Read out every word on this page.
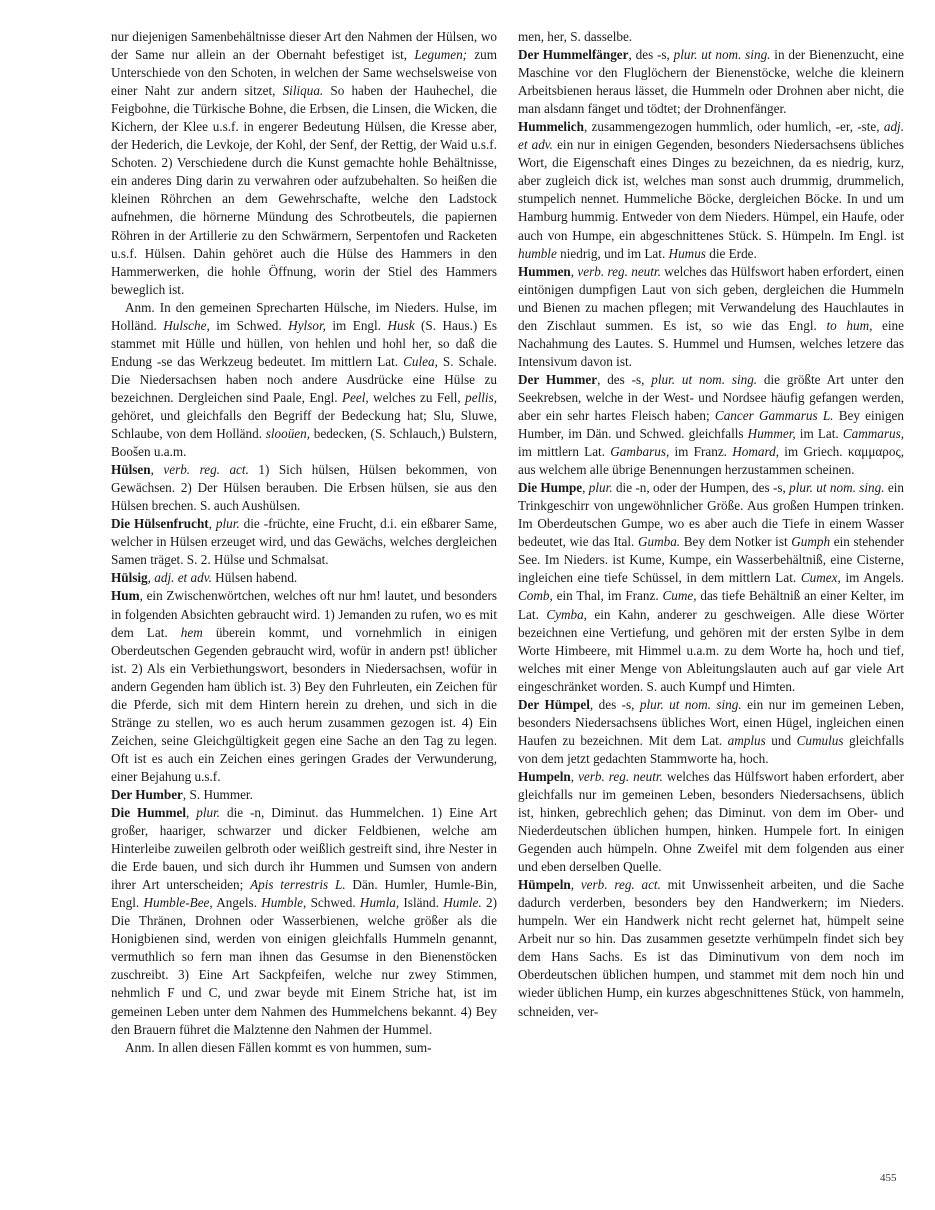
nur diejenigen Samenbehältnisse dieser Art den Nahmen der Hülsen, wo der Same nur allein an der Obernaht befestiget ist, Legumen; zum Unterschiede von den Schoten, in welchen der Same wechselsweise von einer Naht zur andern sitzet, Siliqua. So haben der Hauhechel, die Feigbohne, die Türkische Bohne, die Erbsen, die Linsen, die Wicken, die Kichern, der Klee u.s.f. in engerer Bedeutung Hülsen, die Kresse aber, der Hederich, die Levkoje, der Kohl, der Senf, der Rettig, der Waid u.s.f. Schoten. 2) Verschiedene durch die Kunst gemachte hohle Behältnisse, ein anderes Ding darin zu verwahren oder aufzubehalten. So heißen die kleinen Röhrchen an dem Gewehrschafte, welche den Ladstock aufnehmen, die hörnerne Mündung des Schrotbeutels, die papiernen Röhren in der Artillerie zu den Schwärmern, Serpentofen und Racketen u.s.f. Hülsen. Dahin gehöret auch die Hülse des Hammers in den Hammerwerken, die hohle Öffnung, worin der Stiel des Hammers beweglich ist.

Anm. In den gemeinen Sprecharten Hülsche, im Nieders. Hulse, im Holländ. Hulsche, im Schwed. Hylsor, im Engl. Husk (S. Haus.) Es stammet mit Hülle und hüllen, von hehlen und hohl her, so daß die Endung -se das Werkzeug bedeutet. Im mittlern Lat. Culea, S. Schale. Die Niedersachsen haben noch andere Ausdrücke eine Hülse zu bezeichnen. Dergleichen sind Paale, Engl. Peel, welches zu Fell, pellis, gehöret, und gleichfalls den Begriff der Bedeckung hat; Slu, Sluwe, Schlaube, von dem Holländ. slooüen, bedecken, (S. Schlauch,) Bulstern, Boošen u.a.m.

Hülsen, verb. reg. act. 1) Sich hülsen, Hülsen bekommen, von Gewächsen. 2) Der Hülsen berauben. Die Erbsen hülsen, sie aus den Hülsen brechen. S. auch Aushülsen.

Die Hülsenfrucht, plur. die -früchte, eine Frucht, d.i. ein eßbarer Same, welcher in Hülsen erzeuget wird, und das Gewächs, welches dergleichen Samen träget. S. 2. Hülse und Schmalsat.

Hülsig, adj. et adv. Hülsen habend.

Hum, ein Zwischenwörtchen, welches oft nur hm! lautet, und besonders in folgenden Absichten gebraucht wird. 1) Jemanden zu rufen, wo es mit dem Lat. hem überein kommt, und vornehmlich in einigen Oberdeutschen Gegenden gebraucht wird, wofür in andern pst! üblicher ist. 2) Als ein Verbiethungswort, besonders in Niedersachsen, wofür in andern Gegenden ham üblich ist. 3) Bey den Fuhrleuten, ein Zeichen für die Pferde, sich mit dem Hintern herein zu drehen, und sich in die Stränge zu stellen, wo es auch herum zusammen gezogen ist. 4) Ein Zeichen, seine Gleichgültigkeit gegen eine Sache an den Tag zu legen. Oft ist es auch ein Zeichen eines geringen Grades der Verwunderung, einer Bejahung u.s.f.

Der Humber, S. Hummer.

Die Hummel, plur. die -n, Diminut. das Hummelchen. 1) Eine Art großer, haariger, schwarzer und dicker Feldbienen, welche am Hinterleibe zuweilen gelbroth oder weißlich gestreift sind, ihre Nester in die Erde bauen, und sich durch ihr Hummen und Sumsen von andern ihrer Art unterscheiden; Apis terrestris L. Dän. Humler, Humle-Bin, Engl. Humble-Bee, Angels. Humble, Schwed. Humla, Isländ. Humle. 2) Die Thränen, Drohnen oder Wasserbienen, welche größer als die Honigbienen sind, werden von einigen gleichfalls Hummeln genannt, vermuthlich so fern man ihnen das Gesumse in den Bienenstöcken zuschreibt. 3) Eine Art Sackpfeifen, welche nur zwey Stimmen, nehmlich F und C, und zwar beyde mit Einem Striche hat, ist im gemeinen Leben unter dem Nahmen des Hummelchens bekannt. 4) Bey den Brauern führet die Malztenne den Nahmen der Hummel.

Anm. In allen diesen Fällen kommt es von hummen, sum-

men, her, S. dasselbe.

Der Hummelfänger, des -s, plur. ut nom. sing. in der Bienenzucht, eine Maschine vor den Fluglöchern der Bienenstöcke, welche die kleinern Arbeitsbienen heraus lässet, die Hummeln oder Drohnen aber nicht, die man alsdann fänget und tödtet; der Drohnenfänger.

Hummelich, zusammengezogen hummlich, oder humlich, -er, -ste, adj. et adv. ein nur in einigen Gegenden, besonders Niedersachsens übliches Wort, die Eigenschaft eines Dinges zu bezeichnen, da es niedrig, kurz, aber zugleich dick ist, welches man sonst auch drummig, drummelich, stumpelich nennet. Hummeliche Böcke, dergleichen Böcke. In und um Hamburg hummig. Entweder von dem Nieders. Hümpel, ein Haufe, oder auch von Humpe, ein abgeschnittenes Stück. S. Hümpeln. Im Engl. ist humble niedrig, und im Lat. Humus die Erde.

Hummen, verb. reg. neutr. welches das Hülfswort haben erfordert, einen eintönigen dumpfigen Laut von sich geben, dergleichen die Hummeln und Bienen zu machen pflegen; mit Verwandelung des Hauchlautes in den Zischlaut summen. Es ist, so wie das Engl. to hum, eine Nachahmung des Lautes. S. Hummel und Humsen, welches letzere das Intensivum davon ist.

Der Hummer, des -s, plur. ut nom. sing. die größte Art unter den Seekrebsen, welche in der West- und Nordsee häufig gefangen werden, aber ein sehr hartes Fleisch haben; Cancer Gammarus L. Bey einigen Humber, im Dän. und Schwed. gleichfalls Hummer, im Lat. Cammarus, im mittlern Lat. Gambarus, im Franz. Homard, im Griech. καμμαρος, aus welchem alle übrige Benennungen herzustammen scheinen.

Die Humpe, plur. die -n, oder der Humpen, des -s, plur. ut nom. sing. ein Trinkgeschirr von ungewöhnlicher Größe. Aus großen Humpen trinken. Im Oberdeutschen Gumpe, wo es aber auch die Tiefe in einem Wasser bedeutet, wie das Ital. Gumba. Bey dem Notker ist Gumph ein stehender See. Im Nieders. ist Kume, Kumpe, ein Wasserbehältniß, eine Cisterne, ingleichen eine tiefe Schüssel, in dem mittlern Lat. Cumex, im Angels. Comb, ein Thal, im Franz. Cume, das tiefe Behältniß an einer Kelter, im Lat. Cymba, ein Kahn, anderer zu geschweigen. Alle diese Wörter bezeichnen eine Vertiefung, und gehören mit der ersten Sylbe in dem Worte Himbeere, mit Himmel u.a.m. zu dem Worte ha, hoch und tief, welches mit einer Menge von Ableitungslauten auch auf gar viele Art eingeschränket worden. S. auch Kumpf und Himten.

Der Hümpel, des -s, plur. ut nom. sing. ein nur im gemeinen Leben, besonders Niedersachsens übliches Wort, einen Hügel, ingleichen einen Haufen zu bezeichnen. Mit dem Lat. amplus und Cumulus gleichfalls von dem jetzt gedachten Stammworte ha, hoch.

Humpeln, verb. reg. neutr. welches das Hülfswort haben erfordert, aber gleichfalls nur im gemeinen Leben, besonders Niedersachsens, üblich ist, hinken, gebrechlich gehen; das Diminut. von dem im Ober- und Niederdeutschen üblichen humpen, hinken. Humpele fort. In einigen Gegenden auch hümpeln. Ohne Zweifel mit dem folgenden aus einer und eben derselben Quelle.

Hümpeln, verb. reg. act. mit Unwissenheit arbeiten, und die Sache dadurch verderben, besonders bey den Handwerkern; im Nieders. humpeln. Wer ein Handwerk nicht recht gelernet hat, hümpelt seine Arbeit nur so hin. Das zusammen gesetzte verhümpeln findet sich bey dem Hans Sachs. Es ist das Diminutivum von dem noch im Oberdeutschen üblichen humpen, und stammet mit dem noch hin und wieder üblichen Hump, ein kurzes abgeschnittenes Stück, von hammeln, schneiden, ver-

455
